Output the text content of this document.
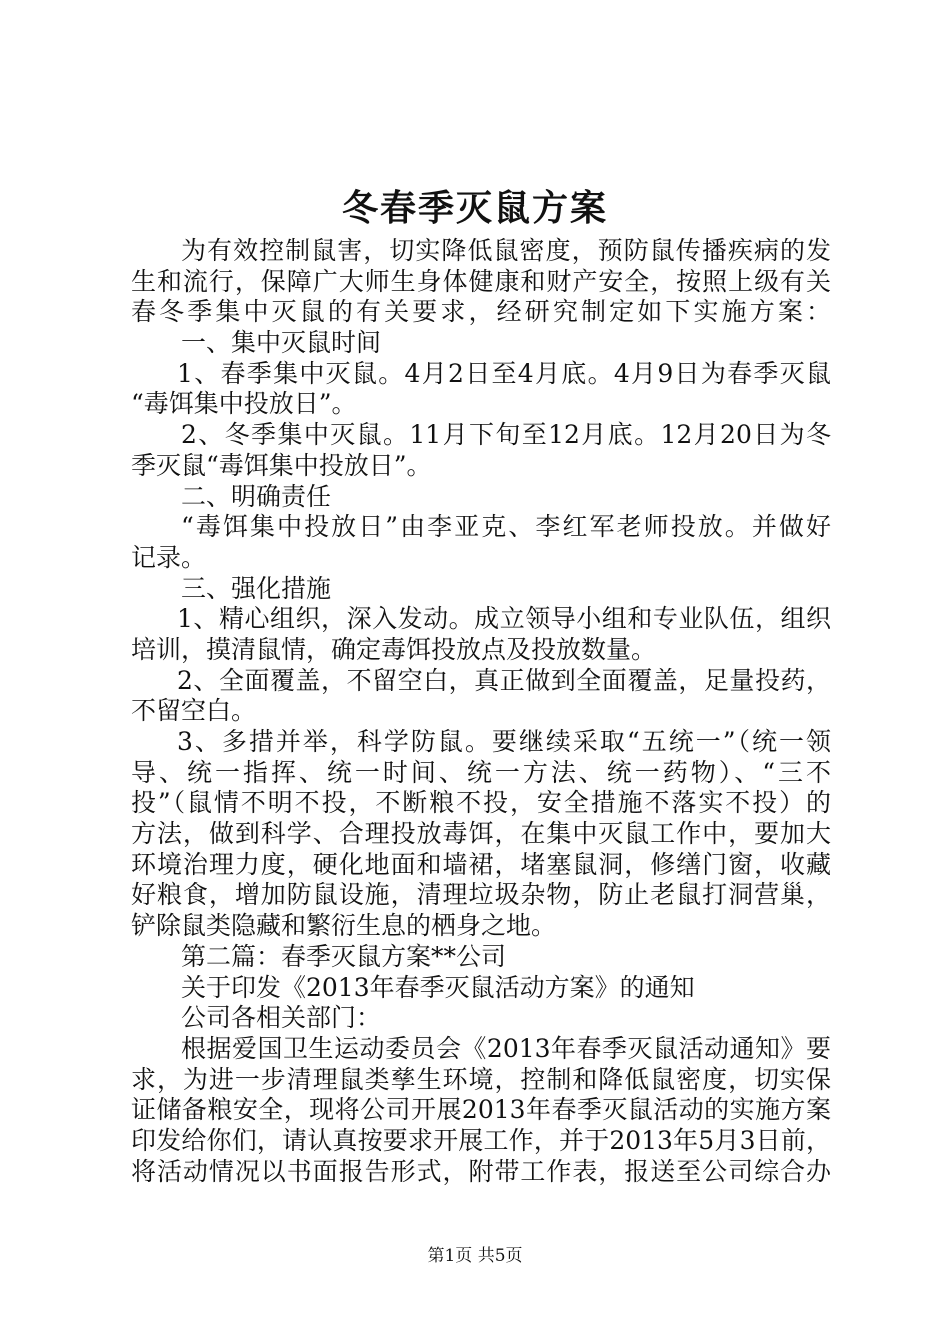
冬春季灭鼠方案
为有效控制鼠害，切实降低鼠密度，预防鼠传播疾病的发
生和流行，保障广大师生身体健康和财产安全，按照上级有关
春冬季集中灭鼠的有关要求，经研究制定如下实施方案：
一、集中灭鼠时间
1、春季集中灭鼠。4月2日至4月底。4月9日为春季灭鼠
“毒饵集中投放日”。
2、冬季集中灭鼠。11月下旬至12月底。12月20日为冬
季灭鼠“毒饵集中投放日”。
二、明确责任
“毒饵集中投放日”由李亚克、李红军老师投放。并做好
记录。
三、强化措施
1、精心组织，深入发动。成立领导小组和专业队伍，组织
培训，摸清鼠情，确定毒饵投放点及投放数量。
2、全面覆盖，不留空白，真正做到全面覆盖，足量投药，
不留空白。
3、多措并举，科学防鼠。要继续采取“五统一”（统一领
导、统一指挥、统一时间、统一方法、统一药物）、“三不
投”（鼠情不明不投，不断粮不投，安全措施不落实不投）的
方法，做到科学、合理投放毒饵，在集中灭鼠工作中，要加大
环境治理力度，硬化地面和墙裙，堵塞鼠洞，修缮门窗，收藏
好粮食，增加防鼠设施，清理垃圾杂物，防止老鼠打洞营巢，
铲除鼠类隐藏和繁衍生息的栖身之地。
第二篇：春季灭鼠方案**公司
关于印发《2013年春季灭鼠活动方案》的通知
公司各相关部门：
根据爱国卫生运动委员会《2013年春季灭鼠活动通知》要
求，为进一步清理鼠类孳生环境，控制和降低鼠密度，切实保
证储备粮安全，现将公司开展2013年春季灭鼠活动的实施方案
印发给你们，请认真按要求开展工作，并于2013年5月3日前，
将活动情况以书面报告形式，附带工作表，报送至公司综合办
第1页 共5页
